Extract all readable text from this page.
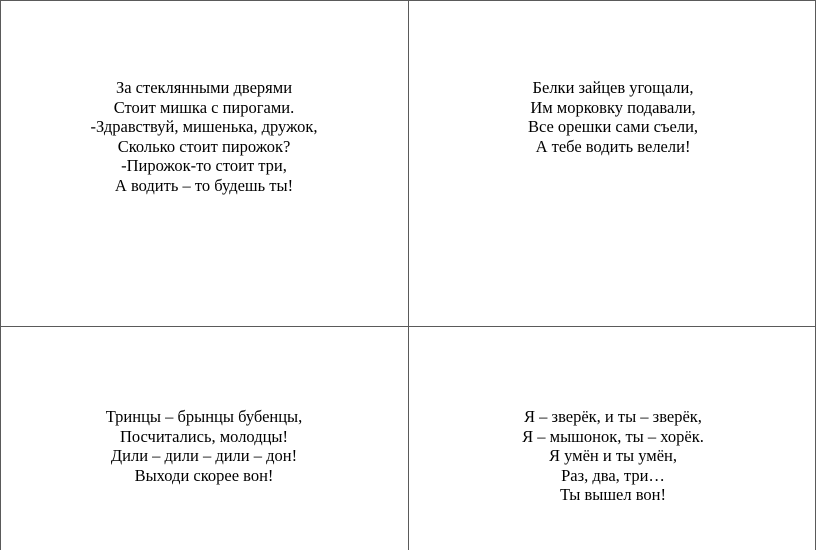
За стеклянными дверями
Стоит мишка с пирогами.
-Здравствуй, мишенька, дружок,
Сколько стоит пирожок?
-Пирожок-то стоит три,
А водить – то будешь ты!
Белки зайцев угощали,
Им морковку подавали,
Все орешки сами съели,
А тебе водить велели!
Тринцы – брынцы бубенцы,
Посчитались, молодцы!
Дили – дили – дили – дон!
Выходи скорее вон!
Я – зверёк, и ты – зверёк,
Я – мышонок, ты – хорёк.
Я умён и ты умён,
Раз, два, три…
Ты вышел вон!
